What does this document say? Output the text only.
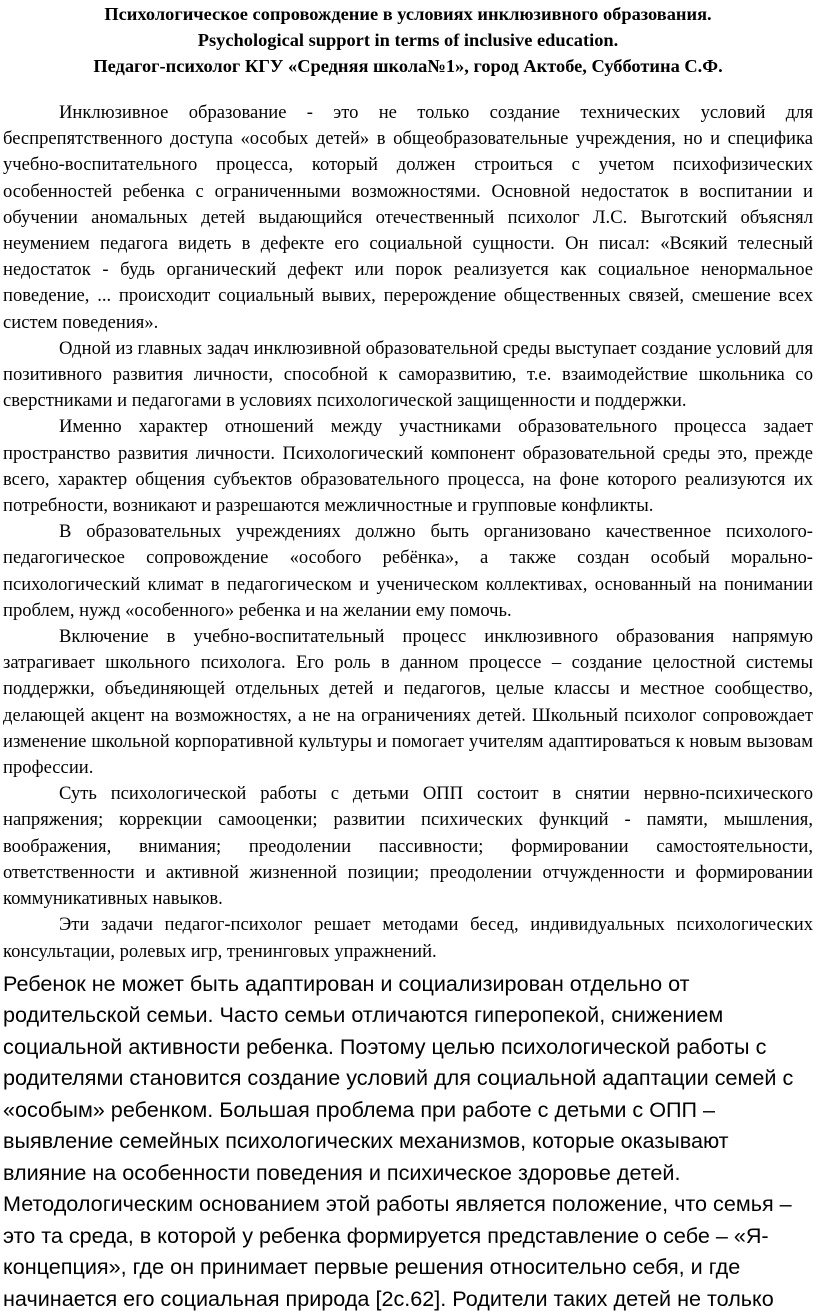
Психологическое сопровождение в условиях инклюзивного образования.
Psychological support in terms of inclusive education.
Педагог-психолог КГУ «Средняя школа№1», город Актобе, Субботина С.Ф.

Инклюзивное образование - это не только создание технических условий для беспрепятственного доступа «особых детей» в общеобразовательные учреждения, но и специфика учебно-воспитательного процесса, который должен строиться с учетом психофизических особенностей ребенка с ограниченными возможностями. Основной недостаток в воспитании и обучении аномальных детей выдающийся отечественный психолог Л.С. Выготский объяснял неумением педагога видеть в дефекте его социальной сущности. Он писал: «Всякий телесный недостаток - будь органический дефект или порок реализуется как социальное ненормальное поведение, ... происходит социальный вывих, перерождение общественных связей, смешение всех систем поведения».

Одной из главных задач инклюзивной образовательной среды выступает создание условий для позитивного развития личности, способной к саморазвитию, т.е. взаимодействие школьника со сверстниками и педагогами в условиях психологической защищенности и поддержки.

Именно характер отношений между участниками образовательного процесса задает пространство развития личности. Психологический компонент образовательной среды это, прежде всего, характер общения субъектов образовательного процесса, на фоне которого реализуются их потребности, возникают и разрешаются межличностные и групповые конфликты.

В образовательных учреждениях должно быть организовано качественное психолого-педагогическое сопровождение «особого ребёнка», а также создан особый морально-психологический климат в педагогическом и ученическом коллективах, основанный на понимании проблем, нужд «особенного» ребенка и на желании ему помочь.

Включение в учебно-воспитательный процесс инклюзивного образования напрямую затрагивает школьного психолога. Его роль в данном процессе – создание целостной системы поддержки, объединяющей отдельных детей и педагогов, целые классы и местное сообщество, делающей акцент на возможностях, а не на ограничениях детей. Школьный психолог сопровождает изменение школьной корпоративной культуры и помогает учителям адаптироваться к новым вызовам профессии.

Суть психологической работы с детьми ОПП состоит в снятии нервно-психического напряжения; коррекции самооценки; развитии психических функций - памяти, мышления, воображения, внимания; преодолении пассивности; формировании самостоятельности, ответственности и активной жизненной позиции; преодолении отчужденности и формировании коммуникативных навыков.

Эти задачи педагог-психолог решает методами бесед, индивидуальных психологических консультации, ролевых игр, тренинговых упражнений.

Ребенок не может быть адаптирован и социализирован отдельно от родительской семьи. Часто семьи отличаются гиперопекой, снижением социальной активности ребенка. Поэтому целью психологической работы с родителями становится создание условий для социальной адаптации семей с «особым» ребенком. Большая проблема при работе с детьми с ОПП – выявление семейных психологических механизмов, которые оказывают влияние на особенности поведения и психическое здоровье детей. Методологическим основанием этой работы является положение, что семья – это та среда, в которой у ребенка формируется представление о себе – «Я-концепция», где он принимает первые решения относительно себя, и где начинается его социальная природа [2с.62]. Родители таких детей не только
